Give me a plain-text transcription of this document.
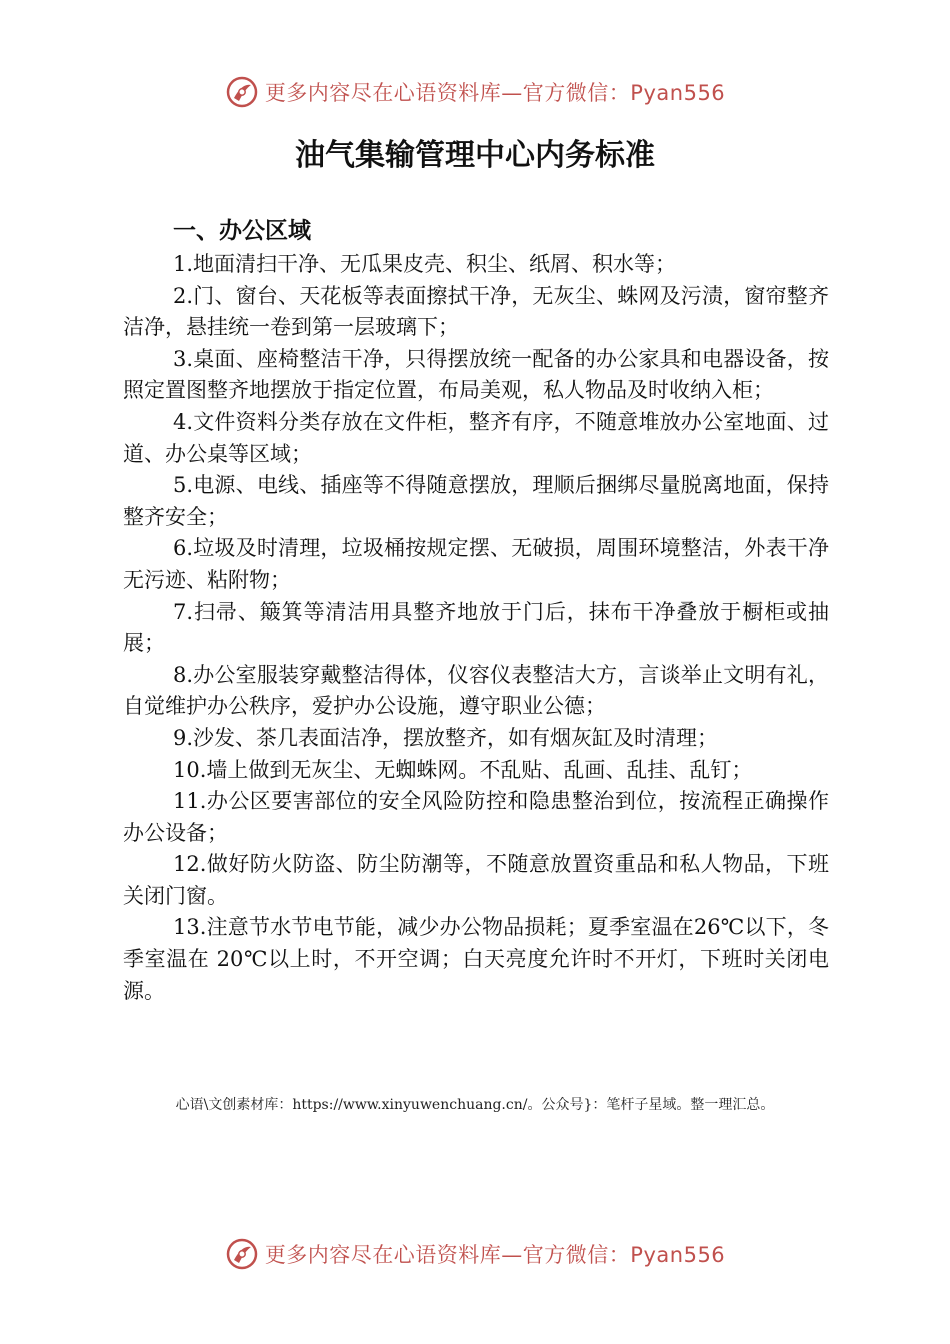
更多内容尽在心语资料库—官方微信：Pyan556
油气集输管理中心内务标准

一、办公区域

1.地面清扫干净、无瓜果皮壳、积尘、纸屑、积水等；

2.门、窗台、天花板等表面擦拭干净，无灰尘、蛛网及污渍，窗帘整齐洁净，悬挂统一卷到第一层玻璃下；

3.桌面、座椅整洁干净，只得摆放统一配备的办公家具和电器设备，按照定置图整齐地摆放于指定位置，布局美观，私人物品及时收纳入柜；

4.文件资料分类存放在文件柜，整齐有序，不随意堆放办公室地面、过道、办公桌等区域；

5.电源、电线、插座等不得随意摆放，理顺后捆绑尽量脱离地面，保持整齐安全；

6.垃圾及时清理，垃圾桶按规定摆、无破损，周围环境整洁，外表干净无污迹、粘附物；

7.扫帚、簸箕等清洁用具整齐地放于门后，抹布干净叠放于橱柜或抽展；

8.办公室服装穿戴整洁得体，仪容仪表整洁大方，言谈举止文明有礼，自觉维护办公秩序，爱护办公设施，遵守职业公德；

9.沙发、茶几表面洁净，摆放整齐，如有烟灰缸及时清理；

10.墙上做到无灰尘、无蜘蛛网。不乱贴、乱画、乱挂、乱钉；

11.办公区要害部位的安全风险防控和隐患整治到位，按流程正确操作办公设备；

12.做好防火防盗、防尘防潮等，不随意放置资重品和私人物品，下班关闭门窗。

13.注意节水节电节能，减少办公物品损耗；夏季室温在26℃以下，冬季室温在 20℃以上时，不开空调；白天亮度允许时不开灯，下班时关闭电源。

心语\文创素材库：https://www.xinyuwenchuang.cn/。公众号}：笔杆子星域。整一理汇总。
更多内容尽在心语资料库—官方微信：Pyan556
